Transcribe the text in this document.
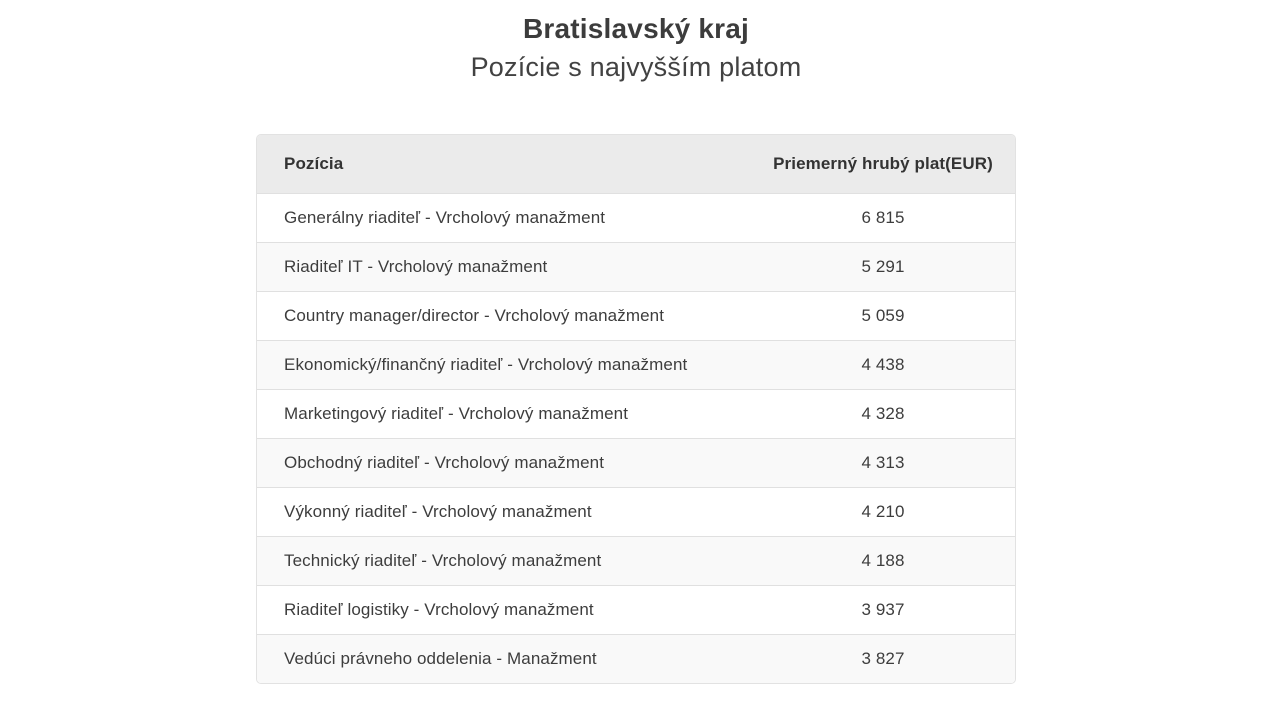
Bratislavský kraj
Pozície s najvyšším platom
Pozícia	Priemerný hrubý plat(EUR)
Generálny riaditeľ - Vrcholový manažment	6 815
Riaditeľ IT - Vrcholový manažment	5 291
Country manager/director - Vrcholový manažment	5 059
Ekonomický/finančný riaditeľ - Vrcholový manažment	4 438
Marketingový riaditeľ - Vrcholový manažment	4 328
Obchodný riaditeľ - Vrcholový manažment	4 313
Výkonný riaditeľ - Vrcholový manažment	4 210
Technický riaditeľ - Vrcholový manažment	4 188
Riaditeľ logistiky - Vrcholový manažment	3 937
Vedúci právneho oddelenia - Manažment	3 827
